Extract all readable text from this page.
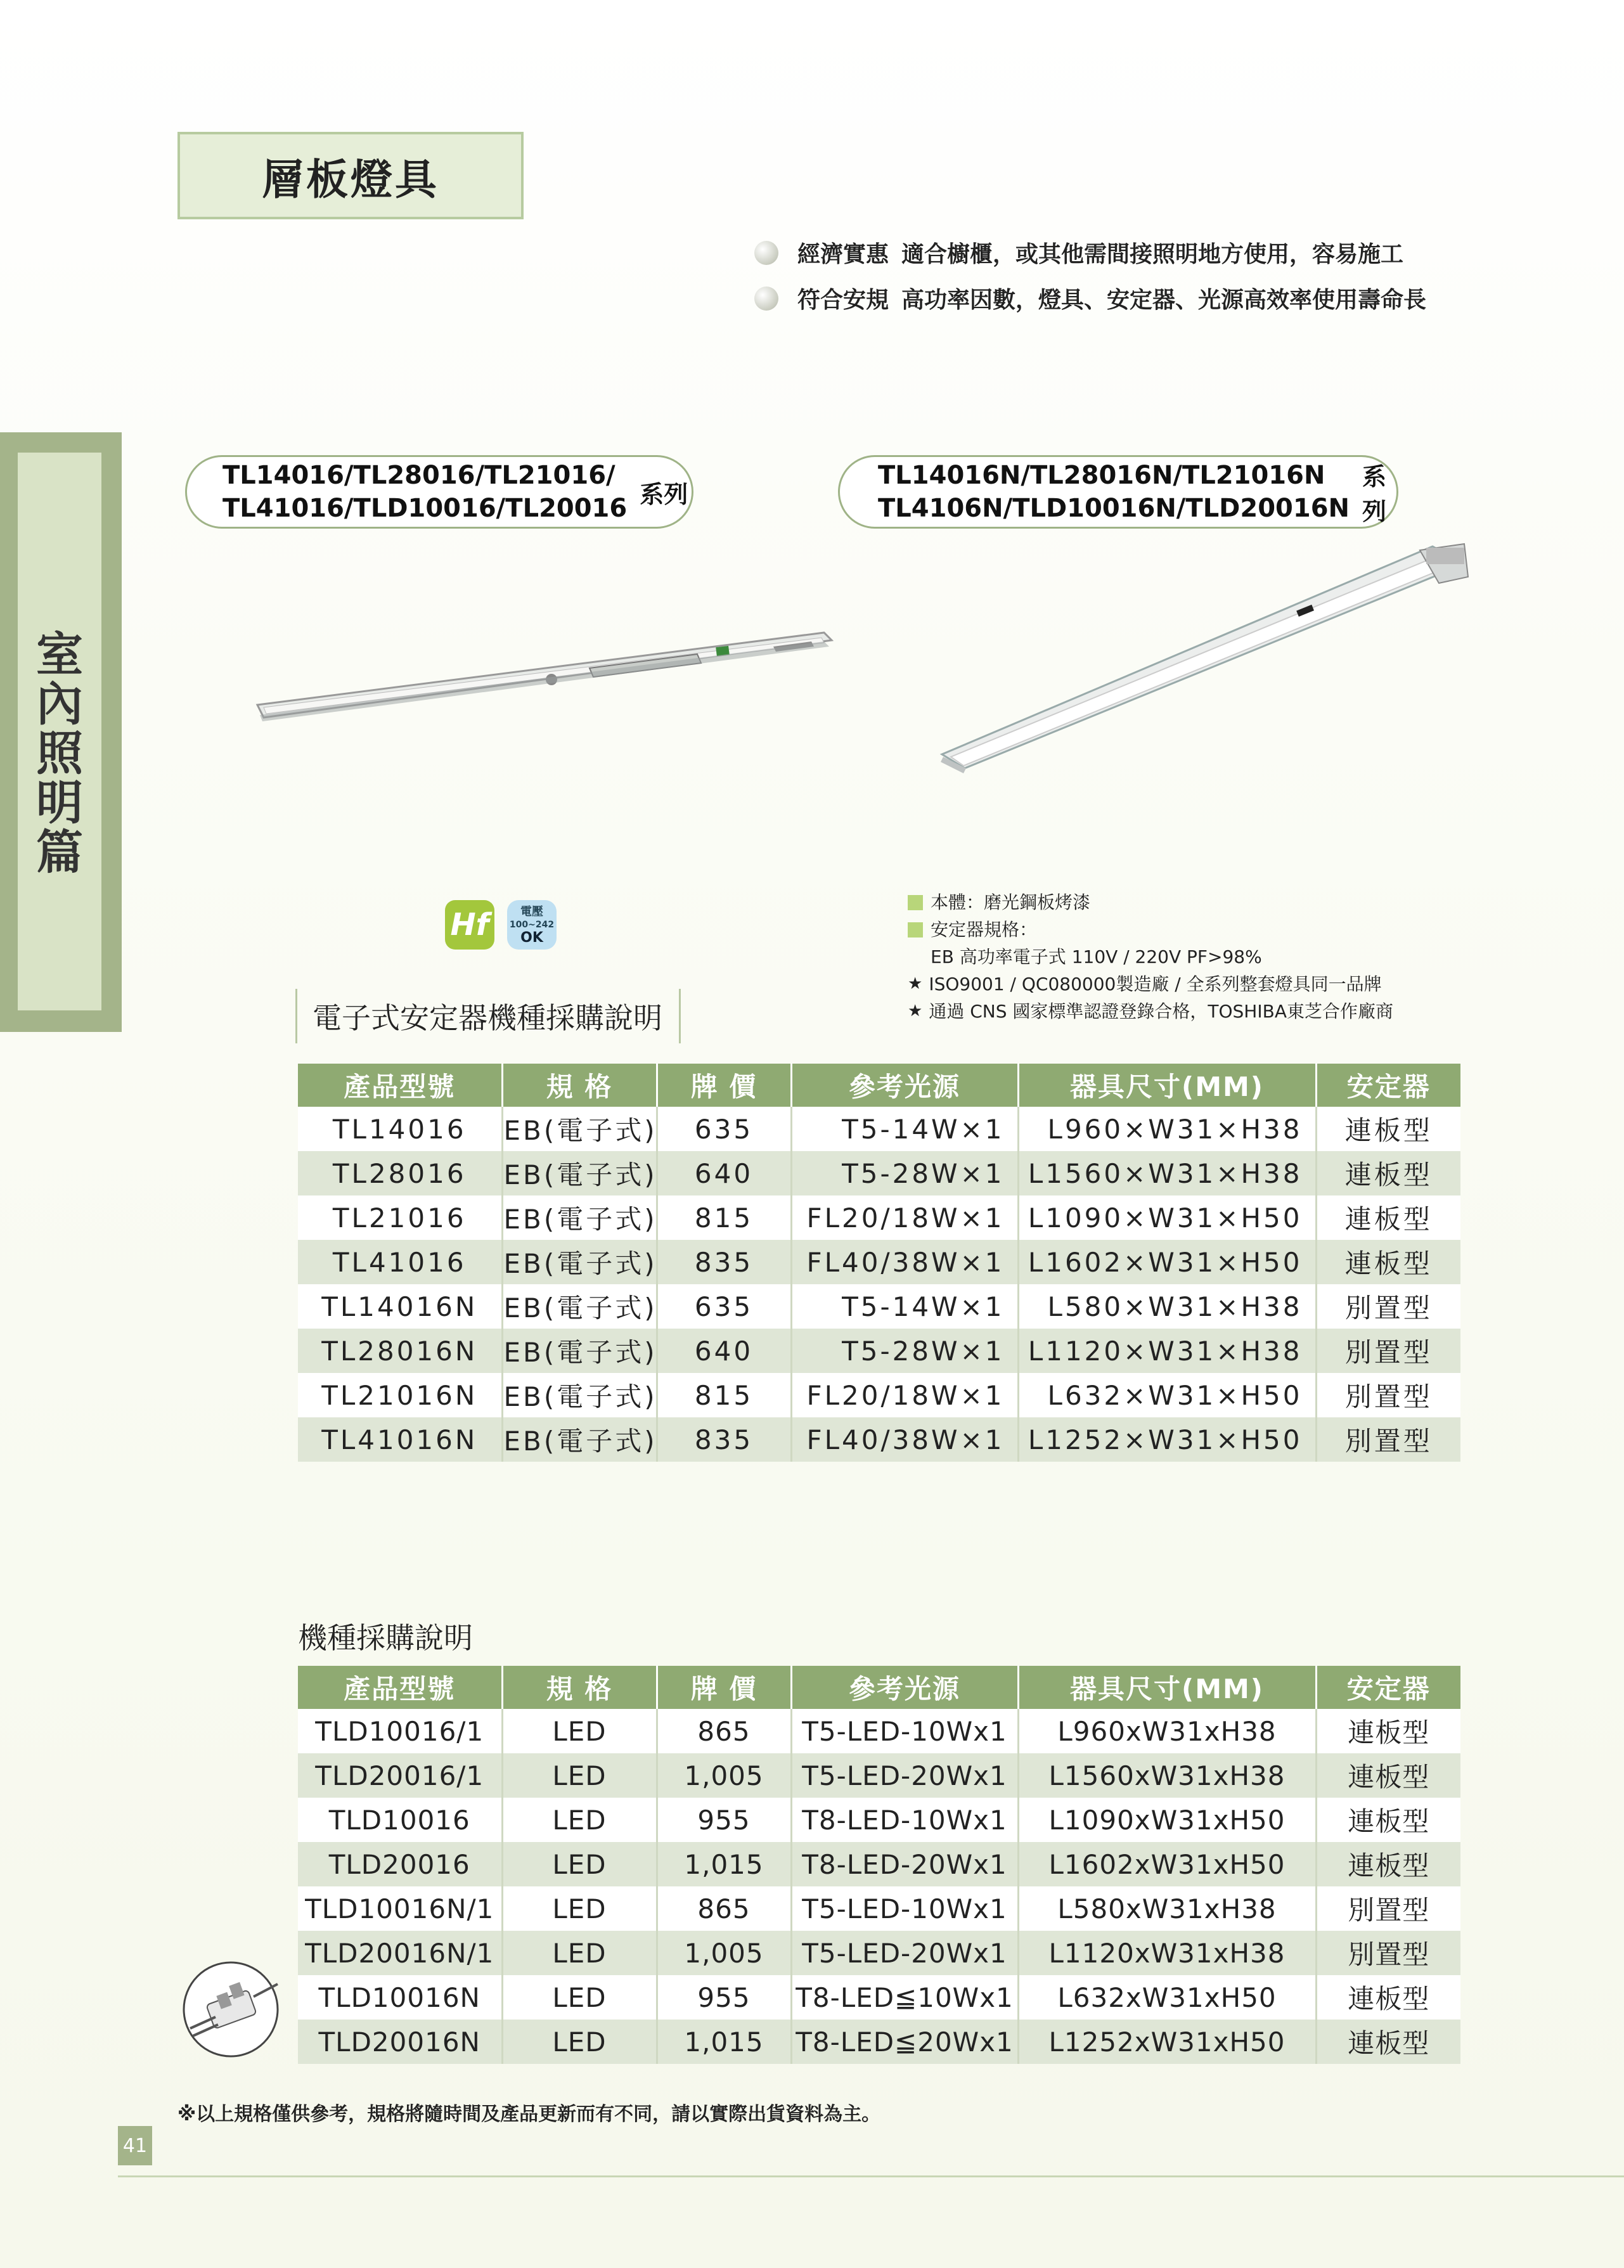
層板燈具
經濟實惠 適合櫥櫃，或其他需間接照明地方使用，容易施工
符合安規 高功率因數，燈具、安定器、光源高效率使用壽命長
室
內
照
明
篇
TL14016/TL28016/TL21016/
TL41016/TLD10016/TL20016 系列
TL14016N/TL28016N/TL21016N
TL4106N/TLD10016N/TLD20016N
系列
Hf	電壓
100~242
OK
本體：磨光鋼板烤漆
安定器規格：
EB 高功率電子式 110V / 220V PF>98%
★ ISO9001 / QC080000製造廠 / 全系列整套燈具同一品牌
★ 通過 CNS 國家標準認證登錄合格，TOSHIBA東芝合作廠商
電子式安定器機種採購說明
產品型號	規 格	牌 價	參考光源	器具尺寸(MM)	安定器
TL14016	EB(電子式)	635	T5-14W×1	L960×W31×H38	連板型
TL28016	EB(電子式)	640	T5-28W×1	L1560×W31×H38	連板型
TL21016	EB(電子式)	815	FL20/18W×1	L1090×W31×H50	連板型
TL41016	EB(電子式)	835	FL40/38W×1	L1602×W31×H50	連板型
TL14016N	EB(電子式)	635	T5-14W×1	L580×W31×H38	別置型
TL28016N	EB(電子式)	640	T5-28W×1	L1120×W31×H38	別置型
TL21016N	EB(電子式)	815	FL20/18W×1	L632×W31×H50	別置型
TL41016N	EB(電子式)	835	FL40/38W×1	L1252×W31×H50	別置型
機種採購說明
產品型號	規 格	牌 價	參考光源	器具尺寸(MM)	安定器
TLD10016/1	LED	865	T5-LED-10Wx1	L960xW31xH38	連板型
TLD20016/1	LED	1,005	T5-LED-20Wx1	L1560xW31xH38	連板型
TLD10016	LED	955	T8-LED-10Wx1	L1090xW31xH50	連板型
TLD20016	LED	1,015	T8-LED-20Wx1	L1602xW31xH50	連板型
TLD10016N/1	LED	865	T5-LED-10Wx1	L580xW31xH38	別置型
TLD20016N/1	LED	1,005	T5-LED-20Wx1	L1120xW31xH38	別置型
TLD10016N	LED	955	T8-LED≦10Wx1	L632xW31xH50	連板型
TLD20016N	LED	1,015	T8-LED≦20Wx1	L1252xW31xH50	連板型
※以上規格僅供參考，規格將隨時間及產品更新而有不同，請以實際出貨資料為主。
41
